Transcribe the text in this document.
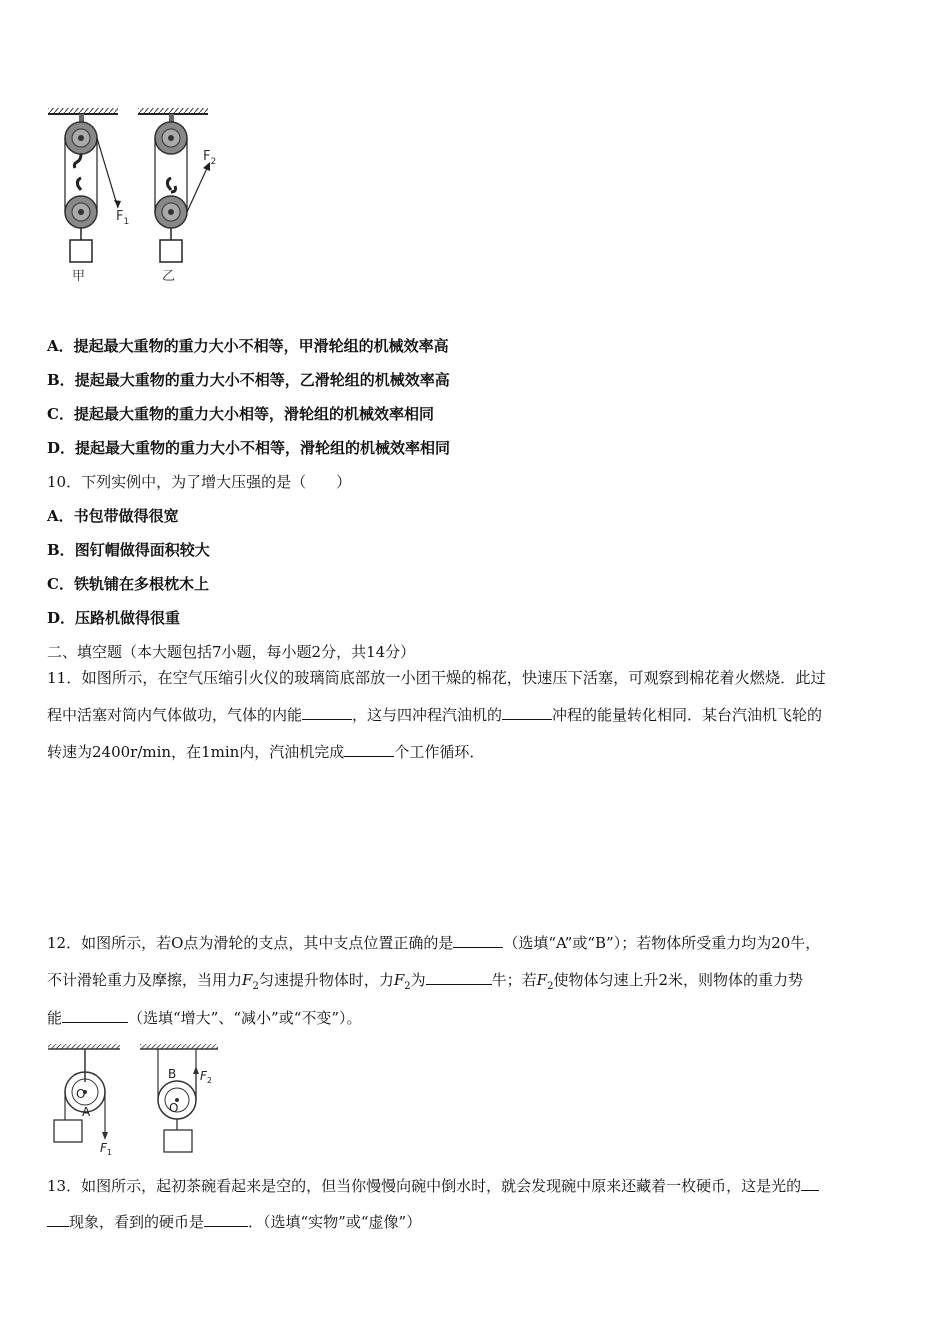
$F_1$
甲
$F_2$
乙
A．提起最大重物的重力大小不相等，甲滑轮组的机械效率高
B．提起最大重物的重力大小不相等，乙滑轮组的机械效率高
C．提起最大重物的重力大小相等，滑轮组的机械效率相同
D．提起最大重物的重力大小不相等，滑轮组的机械效率相同
10．下列实例中，为了增大压强的是（　　）
A．书包带做得很宽
B．图钉帽做得面积较大
C．铁轨铺在多根枕木上
D．压路机做得很重
二、填空题（本大题包括7小题，每小题2分，共14分）
11．如图所示，在空气压缩引火仪的玻璃筒底部放一小团干燥的棉花，快速压下活塞，可观察到棉花着火燃烧．此过
程中活塞对筒内气体做功，气体的内能	，这与四冲程汽油机的	冲程的能量转化相同．某台汽油机飞轮的
转速为2400r/min，在1min内，汽油机完成	个工作循环．
12．如图所示，若O点为滑轮的支点，其中支点位置正确的是	（选填“A”或“B”）；若物体所受重力均为20牛，
不计滑轮重力及摩擦，当用力$F_2$匀速提升物体时，力$F_2$为	牛；若$F_2$使物体匀速上升2米，则物体的重力势
能	（选填“增大”、“减小”或“不变”）。
O
A
$F_1$
B
O
$F_2$
13．如图所示，起初茶碗看起来是空的，但当你慢慢向碗中倒水时，就会发现碗中原来还藏着一枚硬币，这是光的
现象，看到的硬币是	．（选填“实物”或“虚像”）
